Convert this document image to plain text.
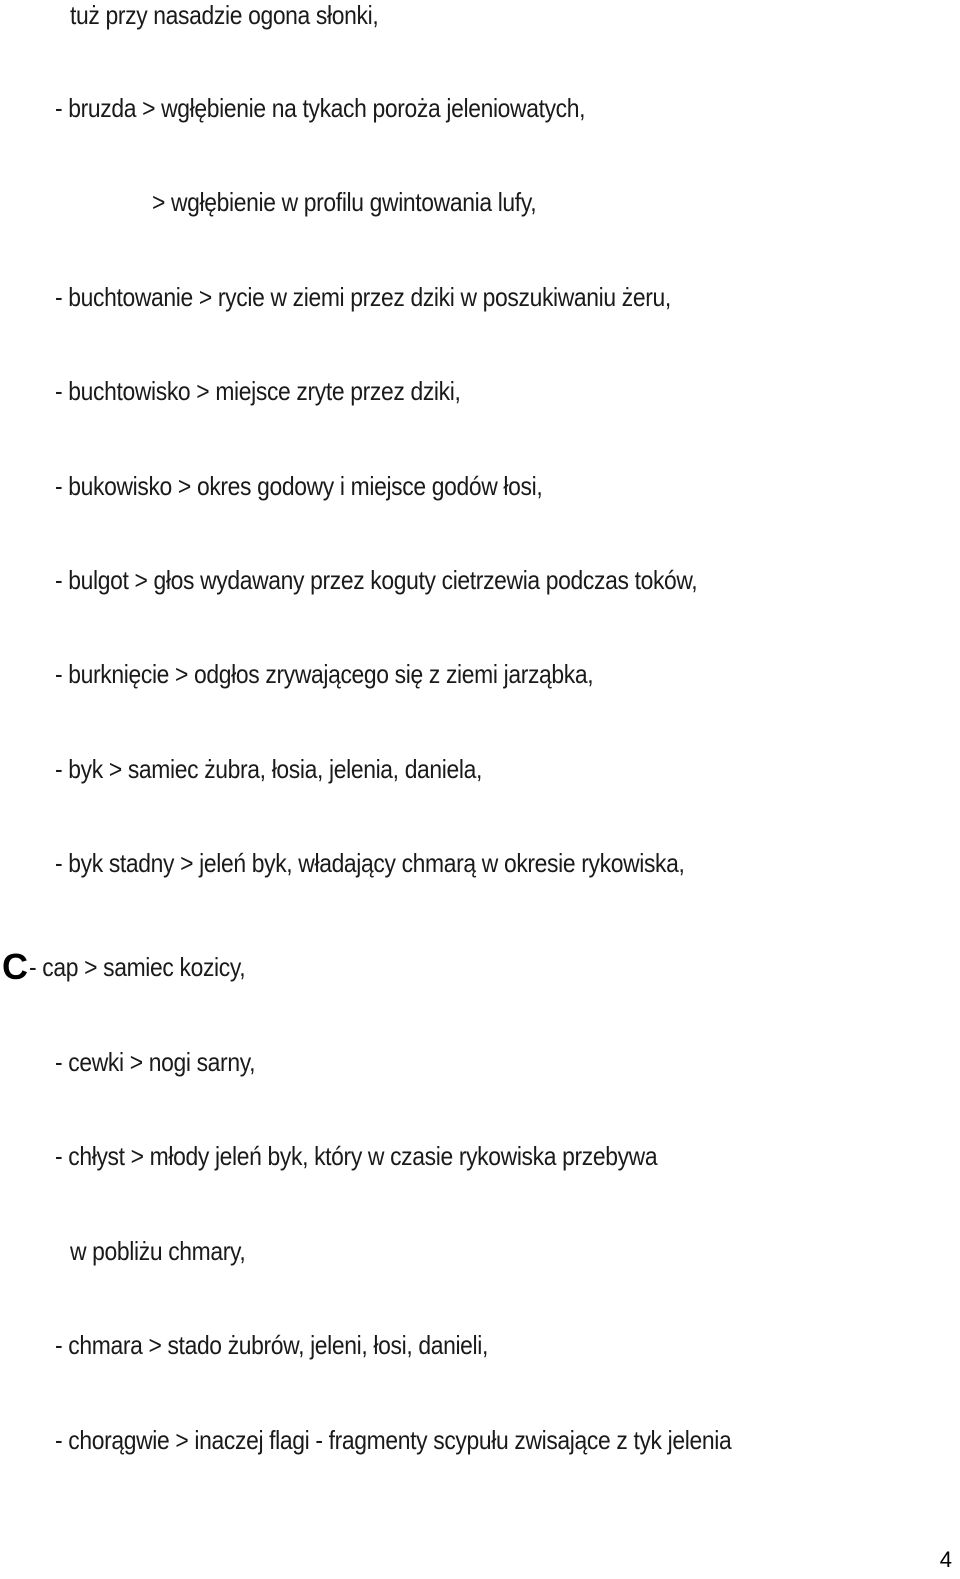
tuż przy nasadzie ogona słonki,
- bruzda > wgłębienie na tykach poroża jeleniowatych,
> wgłębienie w profilu gwintowania lufy,
- buchtowanie > rycie w ziemi przez dziki w poszukiwaniu żeru,
- buchtowisko > miejsce zryte przez dziki,
- bukowisko > okres godowy i miejsce godów łosi,
- bulgot > głos wydawany przez koguty cietrzewia podczas toków,
- burknięcie > odgłos zrywającego się z ziemi jarząbka,
- byk > samiec żubra, łosia, jelenia, daniela,
- byk stadny > jeleń byk, władający chmarą w okresie rykowiska,
C - cap > samiec kozicy,
- cewki > nogi sarny,
- chłyst > młody jeleń byk, który w czasie rykowiska przebywa
w pobliżu chmary,
- chmara > stado żubrów, jeleni, łosi, danieli,
- chorągwie > inaczej flagi - fragmenty scypułu zwisające z tyk jelenia
4
